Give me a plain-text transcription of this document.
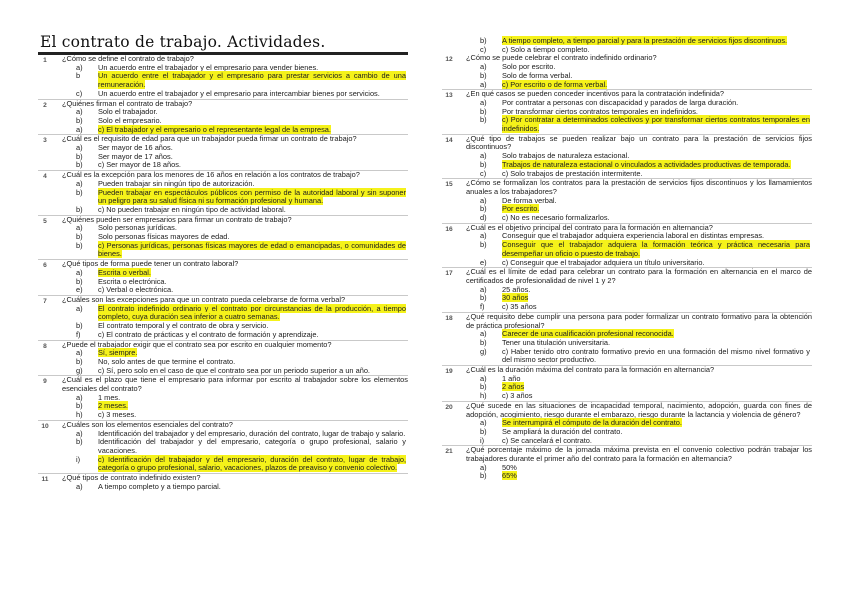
El contrato de trabajo. Actividades.
1	¿Cómo se define el contrato de trabajo?
a)	Un acuerdo entre el trabajador y el empresario para vender bienes.
b	Un acuerdo entre el trabajador y el empresario para prestar servicios a cambio de una remuneración.
c)	Un acuerdo entre el trabajador y el empresario para intercambiar bienes por servicios.
2	¿Quiénes firman el contrato de trabajo?
a)	Solo el trabajador.
b)	Solo el empresario.
a)	c) El trabajador y el empresario o el representante legal de la empresa.
3	¿Cuál es el requisito de edad para que un trabajador pueda firmar un contrato de trabajo?
a)	Ser mayor de 16 años.
b)	Ser mayor de 17 años.
b)	c) Ser mayor de 18 años.
4	¿Cuál es la excepción para los menores de 16 años en relación a los contratos de trabajo?
a)	Pueden trabajar sin ningún tipo de autorización.
b)	Pueden trabajar en espectáculos públicos con permiso de la autoridad laboral y sin suponer un peligro para su salud física ni su formación profesional y humana.
b)	c) No pueden trabajar en ningún tipo de actividad laboral.
5	¿Quiénes pueden ser empresarios para firmar un contrato de trabajo?
a)	Solo personas jurídicas.
b)	Solo personas físicas mayores de edad.
b)	c) Personas jurídicas, personas físicas mayores de edad o emancipadas, o comunidades de bienes.
6	¿Qué tipos de forma puede tener un contrato laboral?
a)	Escrita o verbal.
b)	Escrita o electrónica.
e)	c) Verbal o electrónica.
7	¿Cuáles son las excepciones para que un contrato pueda celebrarse de forma verbal?
a)	El contrato indefinido ordinario y el contrato por circunstancias de la producción, a tiempo completo, cuya duración sea inferior a cuatro semanas.
b)	El contrato temporal y el contrato de obra y servicio.
f)	c) El contrato de prácticas y el contrato de formación y aprendizaje.
8	¿Puede el trabajador exigir que el contrato sea por escrito en cualquier momento?
a)	Sí, siempre.
b)	No, solo antes de que termine el contrato.
g)	c) Sí, pero solo en el caso de que el contrato sea por un periodo superior a un año.
9	¿Cuál es el plazo que tiene el empresario para informar por escrito al trabajador sobre los elementos esenciales del contrato?
a)	1 mes.
b)	2 meses.
h)	c) 3 meses.
10	¿Cuáles son los elementos esenciales del contrato?
a)	Identificación del trabajador y del empresario, duración del contrato, lugar de trabajo y salario.
b)	Identificación del trabajador y del empresario, categoría o grupo profesional, salario y vacaciones.
i)	c) Identificación del trabajador y del empresario, duración del contrato, lugar de trabajo, categoría o grupo profesional, salario, vacaciones, plazos de preaviso y convenio colectivo.
11	¿Qué tipos de contrato indefinido existen?
a)	A tiempo completo y a tiempo parcial.
b)	A tiempo completo, a tiempo parcial y para la prestación de servicios fijos discontinuos.
c)	c) Solo a tiempo completo.
12	¿Cómo se puede celebrar el contrato indefinido ordinario?
a)	Solo por escrito.
b)	Solo de forma verbal.
a)	c) Por escrito o de forma verbal.
13	¿En qué casos se pueden conceder incentivos para la contratación indefinida?
a)	Por contratar a personas con discapacidad y parados de larga duración.
b)	Por transformar ciertos contratos temporales en indefinidos.
b)	c) Por contratar a determinados colectivos y por transformar ciertos contratos temporales en indefinidos.
14	¿Qué tipo de trabajos se pueden realizar bajo un contrato para la prestación de servicios fijos discontinuos?
a)	Solo trabajos de naturaleza estacional.
b)	Trabajos de naturaleza estacional o vinculados a actividades productivas de temporada.
c)	c) Solo trabajos de prestación intermitente.
15	¿Cómo se formalizan los contratos para la prestación de servicios fijos discontinuos y los llamamientos anuales a los trabajadores?
a)	De forma verbal.
b)	Por escrito.
d)	c) No es necesario formalizarlos.
16	¿Cuál es el objetivo principal del contrato para la formación en alternancia?
a)	Conseguir que el trabajador adquiera experiencia laboral en distintas empresas.
b)	Conseguir que el trabajador adquiera la formación teórica y práctica necesaria para desempeñar un oficio o puesto de trabajo.
e)	c) Conseguir que el trabajador adquiera un título universitario.
17	¿Cuál es el límite de edad para celebrar un contrato para la formación en alternancia en el marco de certificados de profesionalidad de nivel 1 y 2?
a)	25 años.
b)	30 años
f)	c) 35 años
18	¿Qué requisito debe cumplir una persona para poder formalizar un contrato formativo para la obtención de práctica profesional?
a)	Carecer de una cualificación profesional reconocida.
b)	Tener una titulación universitaria.
g)	c) Haber tenido otro contrato formativo previo en una formación del mismo nivel formativo y del mismo sector productivo.
19	¿Cuál es la duración máxima del contrato para la formación en alternancia?
a)	1 año
b)	2 años
h)	c) 3 años
20	¿Qué sucede en las situaciones de incapacidad temporal, nacimiento, adopción, guarda con fines de adopción, acogimiento, riesgo durante el embarazo, riesgo durante la lactancia y violencia de género?
a)	Se interrumpirá el cómputo de la duración del contrato.
b)	Se ampliará la duración del contrato.
i)	c) Se cancelará el contrato.
21	¿Qué porcentaje máximo de la jornada máxima prevista en el convenio colectivo podrán trabajar los trabajadores durante el primer año del contrato para la formación en alternancia?
a)	50%
b)	65%
